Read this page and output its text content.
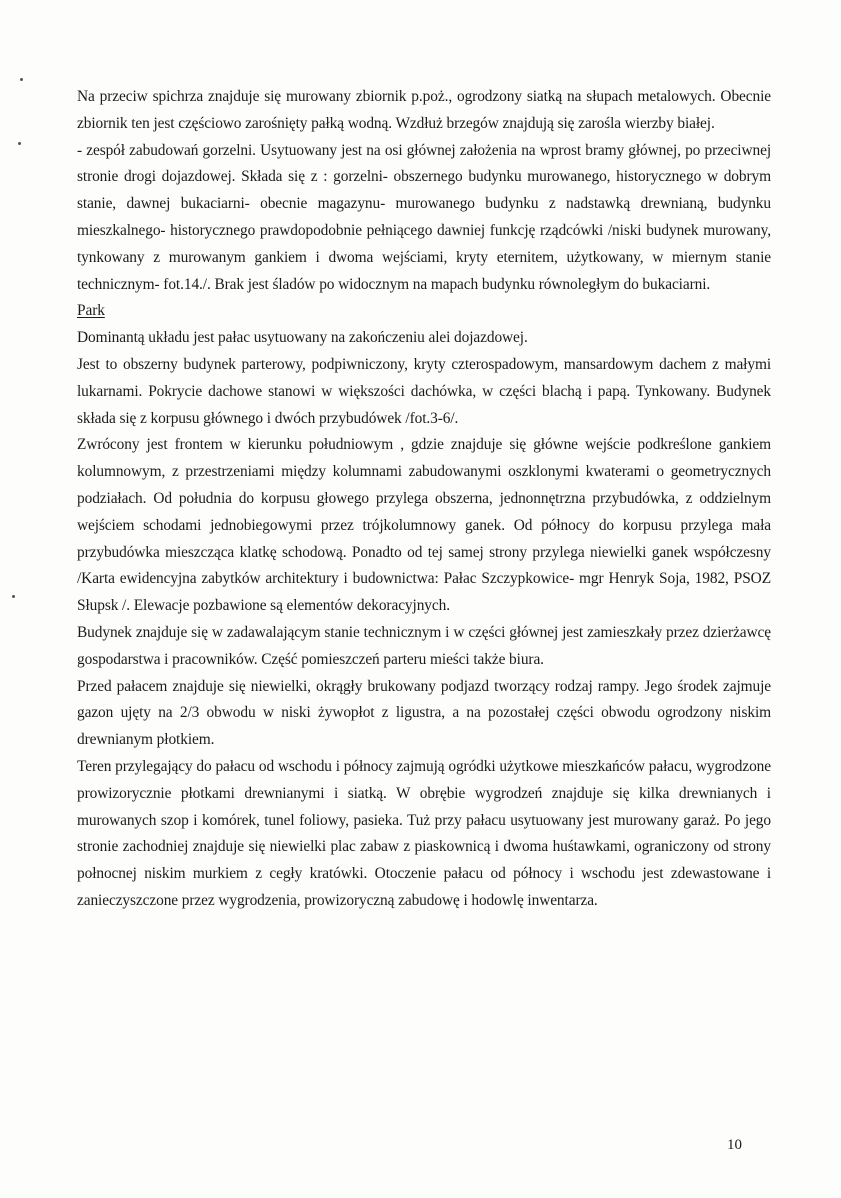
Na przeciw spichrza znajduje się murowany zbiornik p.poż., ogrodzony siatką na słupach metalowych. Obecnie zbiornik ten jest częściowo zarośnięty pałką wodną. Wzdłuż brzegów znajdują się zarośla wierzby białej.

- zespół zabudowań gorzelni. Usytuowany jest na osi głównej założenia na wprost bramy głównej, po przeciwnej stronie drogi dojazdowej. Składa się z : gorzelni- obszernego budynku murowanego, historycznego w dobrym stanie, dawnej bukaciarni- obecnie magazynu- murowanego budynku z nadstawką drewnianą, budynku mieszkalnego- historycznego prawdopodobnie pełniącego dawniej funkcję rządcówki /niski budynek murowany, tynkowany z murowanym gankiem i dwoma wejściami, kryty eternitem, użytkowany, w miernym stanie technicznym- fot.14./. Brak jest śladów po widocznym na mapach budynku równoległym do bukaciarni.

Park

Dominantą układu jest pałac usytuowany na zakończeniu alei dojazdowej.

Jest to obszerny budynek parterowy, podpiwniczony, kryty czterospadowym, mansardowym dachem z małymi lukarnami. Pokrycie dachowe stanowi w większości dachówka, w części blachą i papą. Tynkowany. Budynek składa się z korpusu głównego i dwóch przybudówek /fot.3-6/.

Zwrócony jest frontem w kierunku południowym , gdzie znajduje się główne wejście podkreślone gankiem kolumnowym, z przestrzeniami między kolumnami zabudowanymi oszklonymi kwaterami o geometrycznych podziałach. Od południa do korpusu głowego przylega obszerna, jednonnętrzna przybudówka, z oddzielnym wejściem schodami jednobiegowymi przez trójkolumnowy ganek. Od północy do korpusu przylega mała przybudówka mieszcząca klatkę schodową. Ponadto od tej samej strony przylega niewielki ganek współczesny /Karta ewidencyjna zabytków architektury i budownictwa: Pałac Szczypkowice- mgr Henryk Soja, 1982, PSOZ Słupsk /. Elewacje pozbawione są elementów dekoracyjnych.

Budynek znajduje się w zadawalającym stanie technicznym i w części głównej jest zamieszkały przez dzierżawcę gospodarstwa i pracowników. Część pomieszczeń parteru mieści także biura.

Przed pałacem znajduje się niewielki, okrągły brukowany podjazd tworzący rodzaj rampy. Jego środek zajmuje gazon ujęty na 2/3 obwodu w niski żywopłot z ligustra, a na pozostałej części obwodu ogrodzony niskim drewnianym płotkiem.

Teren przylegający do pałacu od wschodu i północy zajmują ogródki użytkowe mieszkańców pałacu, wygrodzone prowizorycznie płotkami drewnianymi i siatką. W obrębie wygrodzeń znajduje się kilka drewnianych i murowanych szop i komórek, tunel foliowy, pasieka. Tuż przy pałacu usytuowany jest murowany garaż. Po jego stronie zachodniej znajduje się niewielki plac zabaw z piaskownicą i dwoma huśtawkami, ograniczony od strony połnocnej niskim murkiem z cegły kratówki. Otoczenie pałacu od północy i wschodu jest zdewastowane i zanieczyszczone przez wygrodzenia, prowizoryczną zabudowę i hodowlę inwentarza.

10
